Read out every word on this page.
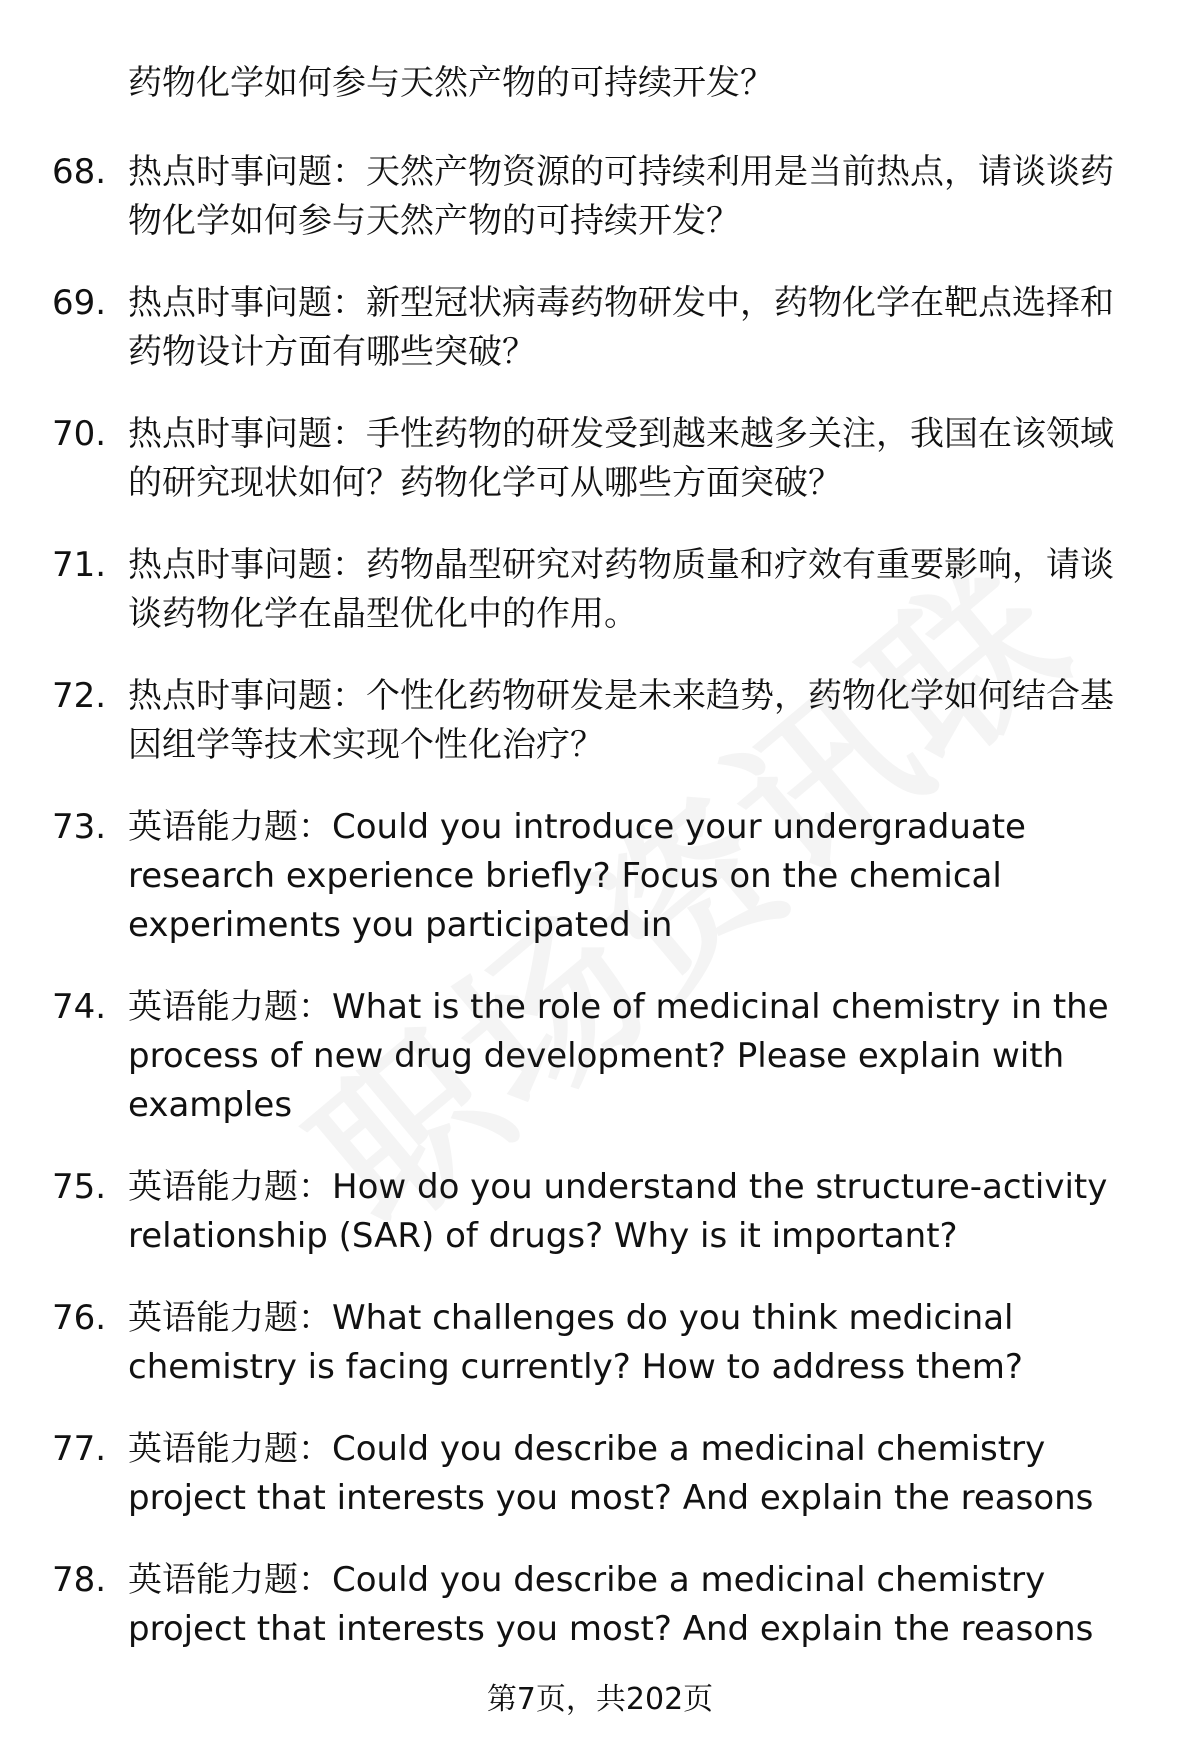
药物化学如何参与天然产物的可持续开发？
68. 热点时事问题：天然产物资源的可持续利用是当前热点，请谈谈药物化学如何参与天然产物的可持续开发？
69. 热点时事问题：新型冠状病毒药物研发中，药物化学在靶点选择和药物设计方面有哪些突破？
70. 热点时事问题：手性药物的研发受到越来越多关注，我国在该领域的研究现状如何？药物化学可从哪些方面突破？
71. 热点时事问题：药物晶型研究对药物质量和疗效有重要影响，请谈谈药物化学在晶型优化中的作用。
72. 热点时事问题：个性化药物研发是未来趋势，药物化学如何结合基因组学等技术实现个性化治疗？
73. 英语能力题：Could you introduce your undergraduate research experience briefly? Focus on the chemical experiments you participated in
74. 英语能力题：What is the role of medicinal chemistry in the process of new drug development? Please explain with examples
75. 英语能力题：How do you understand the structure-activity relationship (SAR) of drugs? Why is it important?
76. 英语能力题：What challenges do you think medicinal chemistry is facing currently? How to address them?
77. 英语能力题：Could you describe a medicinal chemistry project that interests you most? And explain the reasons
78. 英语能力题：Could you describe a medicinal chemistry project that interests you most? And explain the reasons
第7页，共202页
